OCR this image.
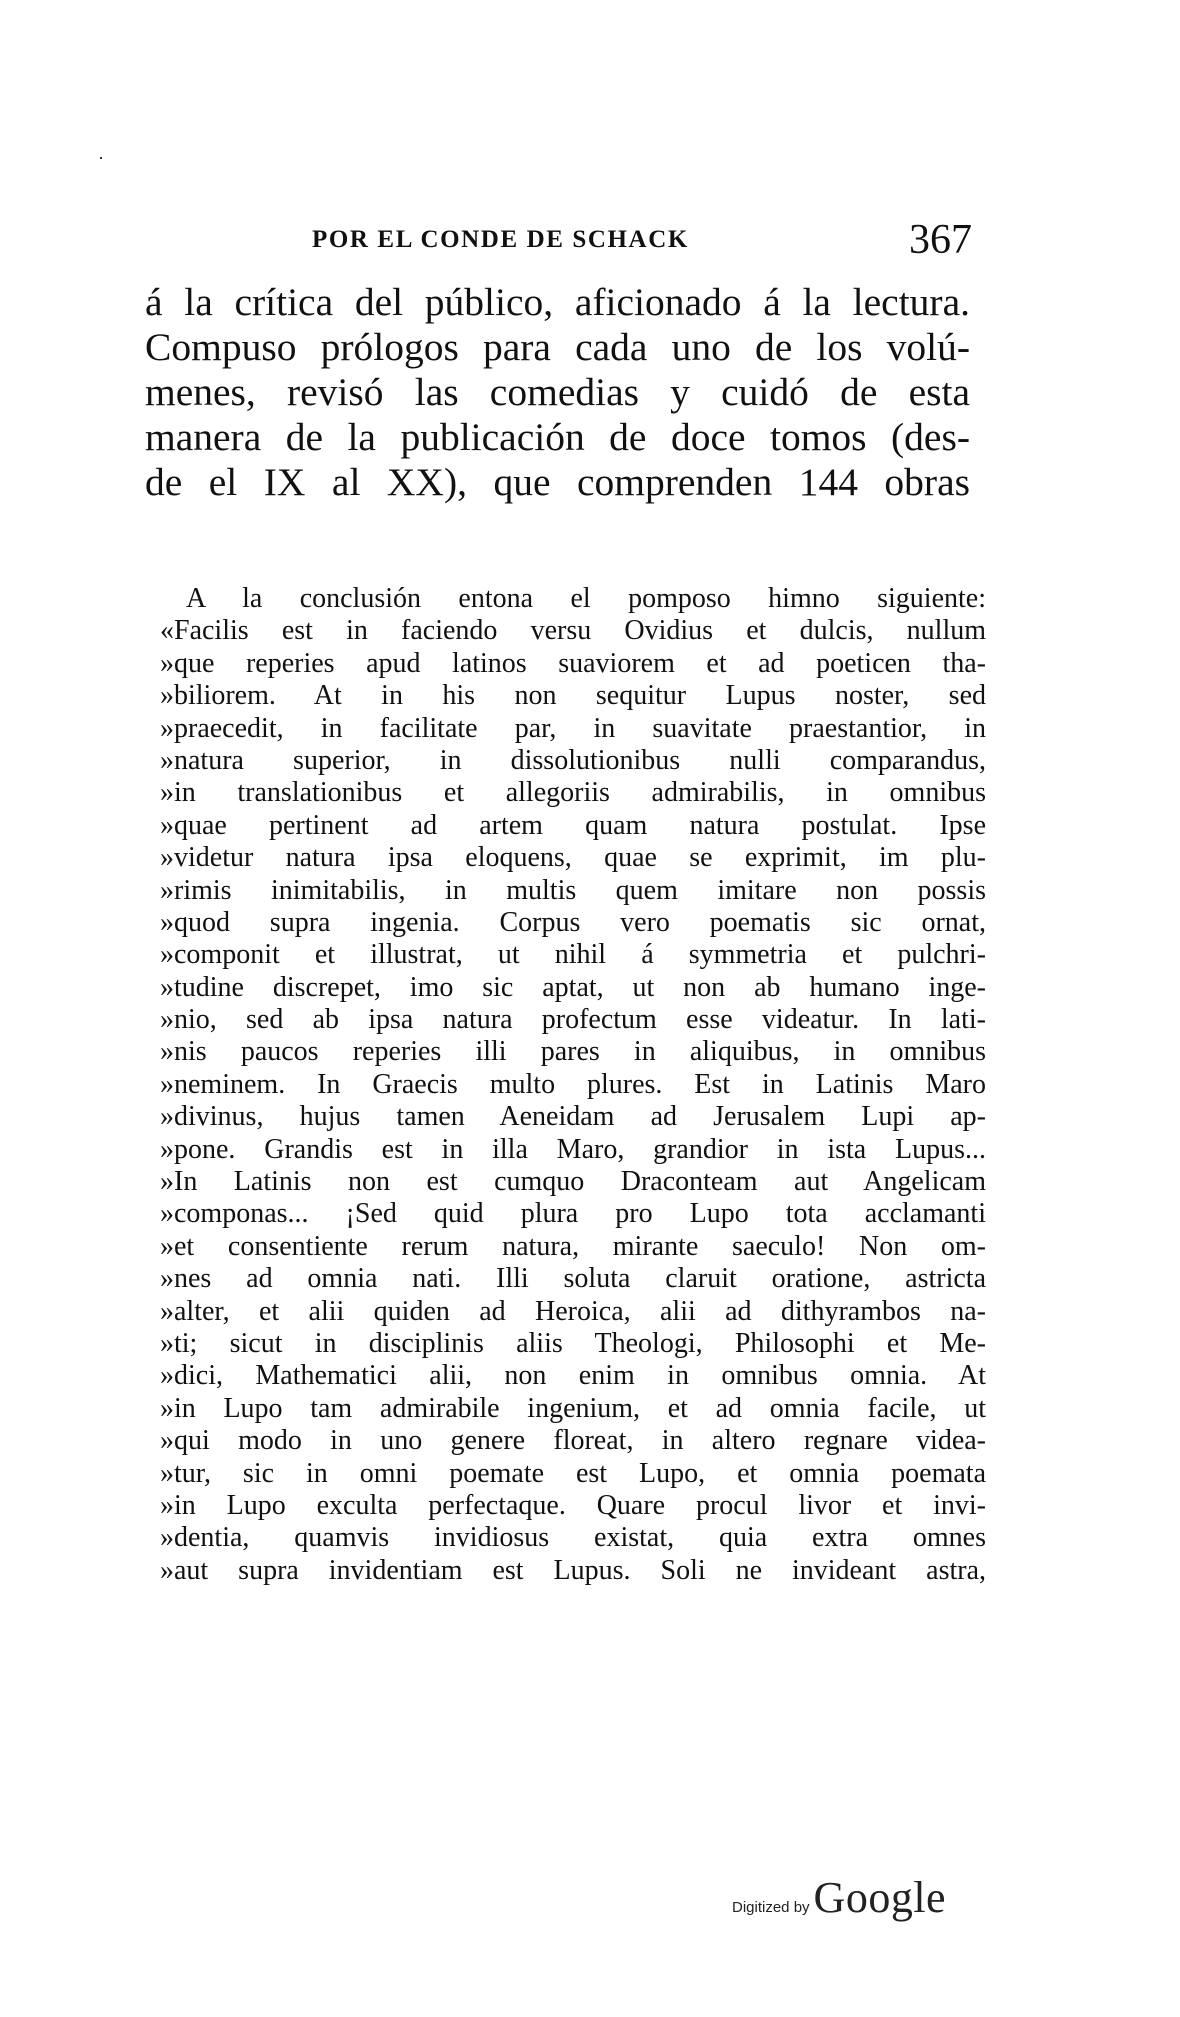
POR EL CONDE DE SCHACK	367
á la crítica del público, aficionado á la lectura.
Compuso prólogos para cada uno de los volú-
menes, revisó las comedias y cuidó de esta
manera de la publicación de doce tomos (des-
de el IX al XX), que comprenden 144 obras
A la conclusión entona el pomposo himno siguiente:
«Facilis est in faciendo versu Ovidius et dulcis, nullum
»que reperies apud latinos suaviorem et ad poeticen tha-
»biliorem. At in his non sequitur Lupus noster, sed
»praecedit, in facilitate par, in suavitate praestantior, in
»natura superior, in dissolutionibus nulli comparandus,
»in translationibus et allegoriis admirabilis, in omnibus
»quae pertinent ad artem quam natura postulat. Ipse
»videtur natura ipsa eloquens, quae se exprimit, im plu-
»rimis inimitabilis, in multis quem imitare non possis
»quod supra ingenia. Corpus vero poematis sic ornat,
»componit et illustrat, ut nihil á symmetria et pulchri-
»tudine discrepet, imo sic aptat, ut non ab humano inge-
»nio, sed ab ipsa natura profectum esse videatur. In lati-
»nis paucos reperies illi pares in aliquibus, in omnibus
»neminem. In Graecis multo plures. Est in Latinis Maro
»divinus, hujus tamen Aeneidam ad Jerusalem Lupi ap-
»pone. Grandis est in illa Maro, grandior in ista Lupus...
»In Latinis non est cumquo Draconteam aut Angelicam
»componas... ¡Sed quid plura pro Lupo tota acclamanti
»et consentiente rerum natura, mirante saeculo! Non om-
»nes ad omnia nati. Illi soluta claruit oratione, astricta
»alter, et alii quiden ad Heroica, alii ad dithyrambos na-
»ti; sicut in disciplinis aliis Theologi, Philosophi et Me-
»dici, Mathematici alii, non enim in omnibus omnia. At
»in Lupo tam admirabile ingenium, et ad omnia facile, ut
»qui modo in uno genere floreat, in altero regnare videa-
»tur, sic in omni poemate est Lupo, et omnia poemata
»in Lupo exculta perfectaque. Quare procul livor et invi-
»dentia, quamvis invidiosus existat, quia extra omnes
»aut supra invidentiam est Lupus. Soli ne invideant astra,
Digitized by Google
